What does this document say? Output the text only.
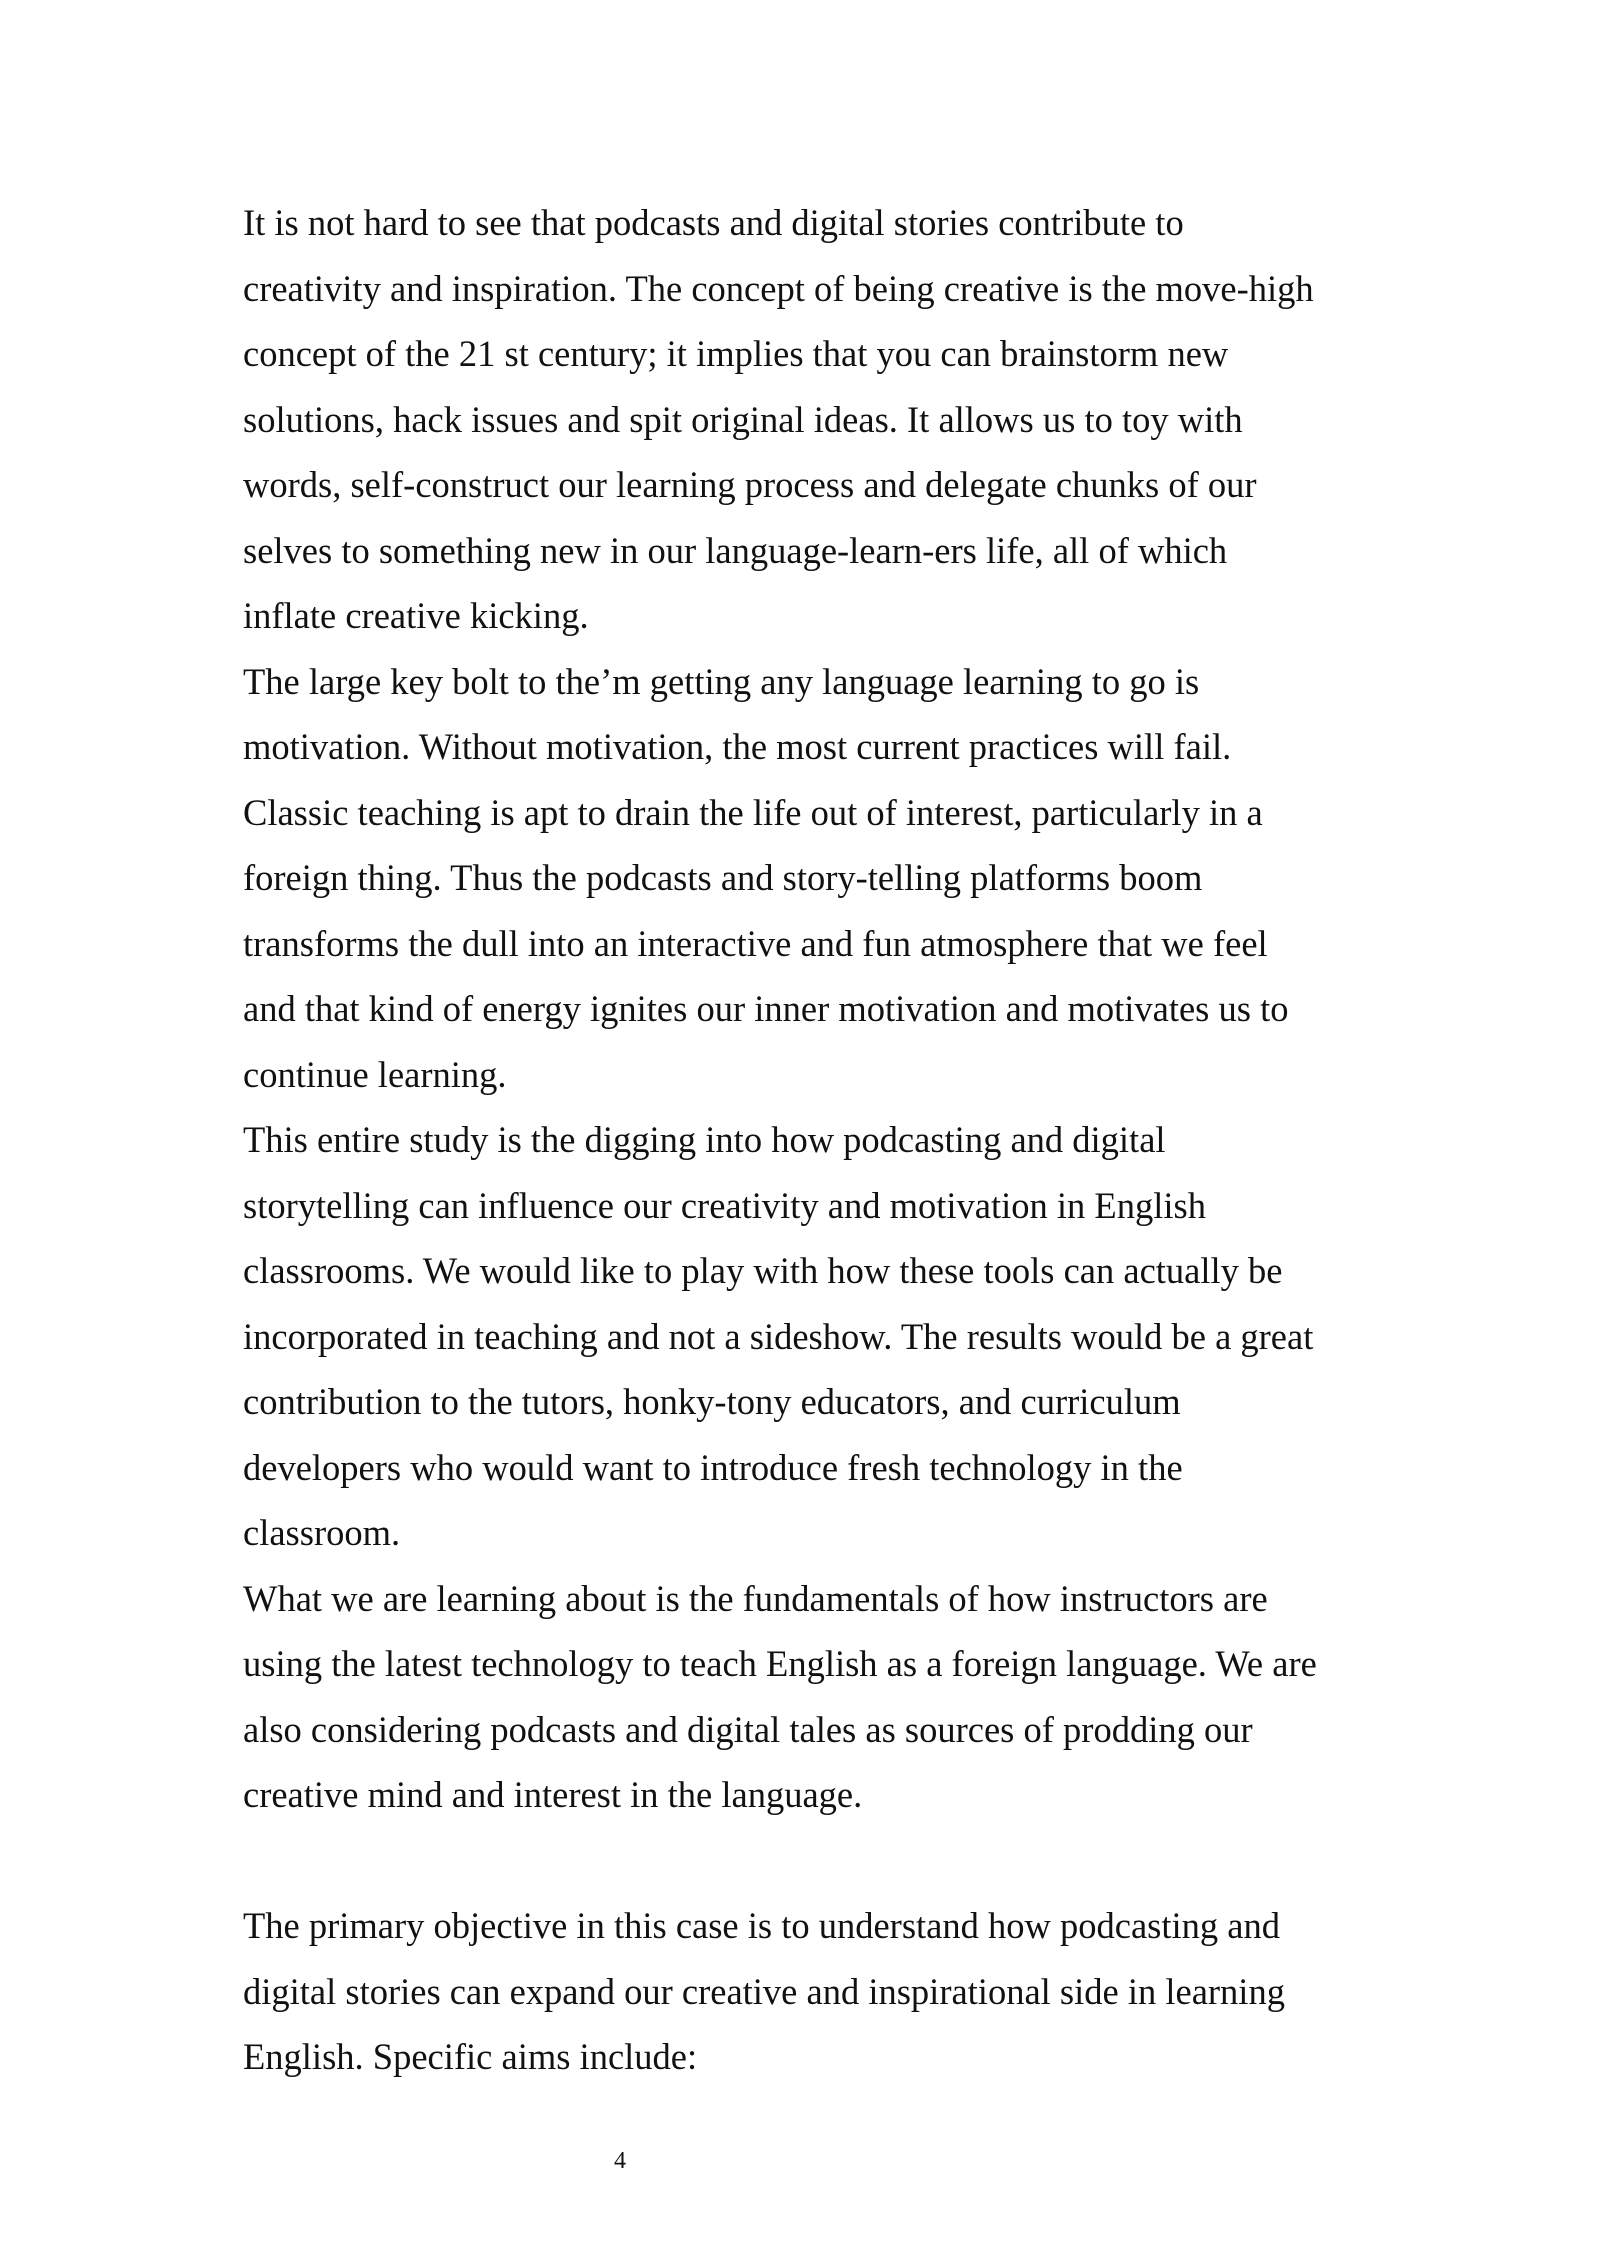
It is not hard to see that podcasts and digital stories contribute to
creativity and inspiration. The concept of being creative is the move-high
concept of the 21 st century; it implies that you can brainstorm new
solutions, hack issues and spit original ideas. It allows us to toy with
words, self-construct our learning process and delegate chunks of our
selves to something new in our language-learn-ers life, all of which
inflate creative kicking.
The large key bolt to the’m getting any language learning to go is
motivation. Without motivation, the most current practices will fail.
Classic teaching is apt to drain the life out of interest, particularly in a
foreign thing. Thus the podcasts and story-telling platforms boom
transforms the dull into an interactive and fun atmosphere that we feel
and that kind of energy ignites our inner motivation and motivates us to
continue learning.
This entire study is the digging into how podcasting and digital
storytelling can influence our creativity and motivation in English
classrooms. We would like to play with how these tools can actually be
incorporated in teaching and not a sideshow. The results would be a great
contribution to the tutors, honky-tony educators, and curriculum
developers who would want to introduce fresh technology in the
classroom.
What we are learning about is the fundamentals of how instructors are
using the latest technology to teach English as a foreign language. We are
also considering podcasts and digital tales as sources of prodding our
creative mind and interest in the language.
The primary objective in this case is to understand how podcasting and
digital stories can expand our creative and inspirational side in learning
English. Specific aims include:
4
